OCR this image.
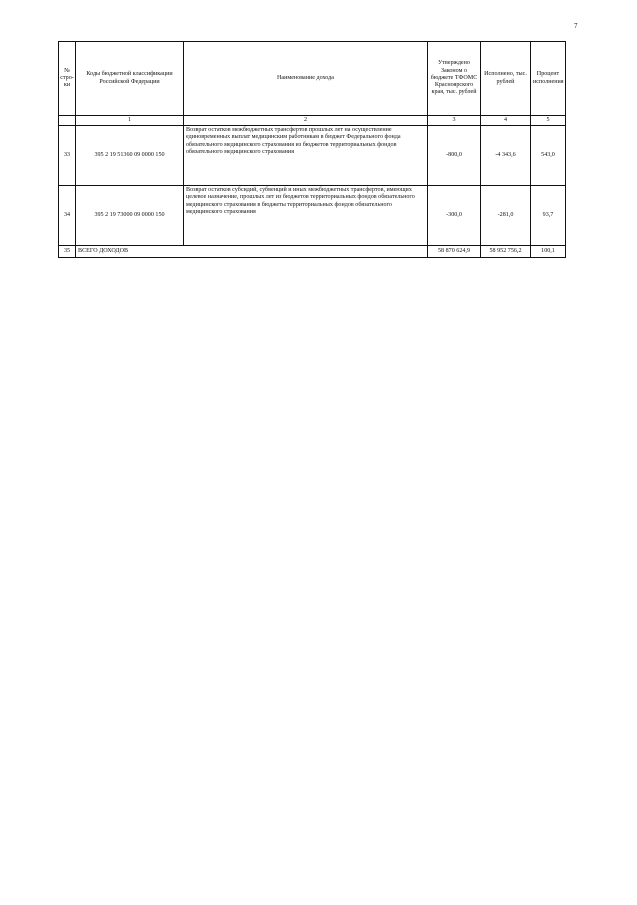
7
№ стро-ки	Коды бюджетной классификации Российской Федерации	Наименование дохода	Утверждено Законом о бюджете ТФОМС Красноярского края, тыс. рублей	Исполнено, тыс. рублей	Процент исполнения
	1	2	3	4	5
33	395 2 19 51360 09 0000 150	Возврат остатков межбюджетных трансфертов прошлых лет на осуществление единовременных выплат медицинским работникам в бюджет Федерального фонда обязательного медицинского страхования из бюджетов территориальных фондов обязательного медицинского страхования	-800,0	-4 343,6	543,0
34	395 2 19 73000 09 0000 150	Возврат остатков субсидий, субвенций и иных межбюджетных трансфертов, имеющих целевое назначение, прошлых лет из бюджетов территориальных фондов обязательного медицинского страхования в бюджеты территориальных фондов обязательного медицинского страхования	-300,0	-281,0	93,7
35	ВСЕГО ДОХОДОВ		58 870 624,9	58 952 756,2	100,1
